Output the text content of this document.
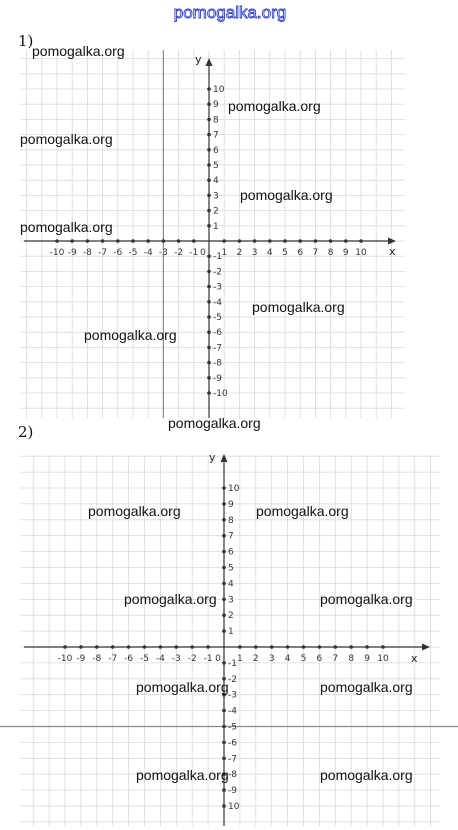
pomogalka.org
-10 -9 -8 -7 -6 -5 -4 -3 -2 -1 0 1 2 3 4 5 6 7 8 9 10
10
9
8
7
6
5
4
3
2
1
-1
-2
-3
-4
-5
-6
-7
-8
-9
-10
x
y
1)
pomogalka.org
pomogalka.org
pomogalka.org
pomogalka.org
pomogalka.org
pomogalka.org
pomogalka.org
pomogalka.org
-10 -9 -8 -7 -6 -5 -4 -3 -2 -1 0 1 2 3 4 5 6 7 8 9 10
10
9
8
7
6
5
4
3
2
1
-1
-2
-3
-4
-5
-6
-7
-8
-9
10
x
y
2)
pomogalka.org	pomogalka.org
pomogalka.org	pomogalka.org
pomogalka.org	pomogalka.org
pomogalka.org	pomogalka.org
